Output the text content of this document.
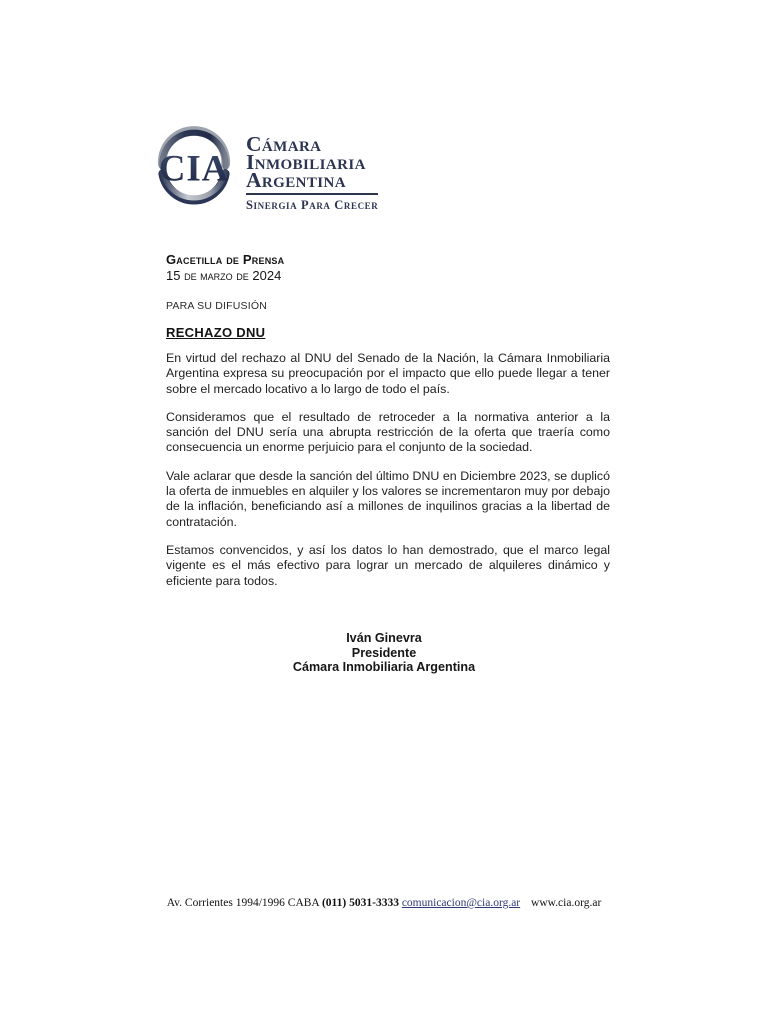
CIA
Cámara
Inmobiliaria
Argentina
Sinergia Para Crecer
Gacetilla de Prensa
15 de marzo de 2024
PARA SU DIFUSIÓN
RECHAZO DNU

En virtud del rechazo al DNU del Senado de la Nación, la Cámara Inmobiliaria Argentina expresa su preocupación por el impacto que ello puede llegar a tener sobre el mercado locativo a lo largo de todo el país.

Consideramos que el resultado de retroceder a la normativa anterior a la sanción del DNU sería una abrupta restricción de la oferta que traería como consecuencia un enorme perjuicio para el conjunto de la sociedad.

Vale aclarar que desde la sanción del último DNU en Diciembre 2023, se duplicó la oferta de inmuebles en alquiler y los valores se incrementaron muy por debajo de la inflación, beneficiando así a millones de inquilinos gracias a la libertad de contratación.

Estamos convencidos, y así los datos lo han demostrado, que el marco legal vigente es el más efectivo para lograr un mercado de alquileres dinámico y eficiente para todos.

Iván Ginevra
Presidente
Cámara Inmobiliaria Argentina
Av. Corrientes 1994/1996 CABA (011) 5031-3333 comunicacion@cia.org.ar www.cia.org.ar
